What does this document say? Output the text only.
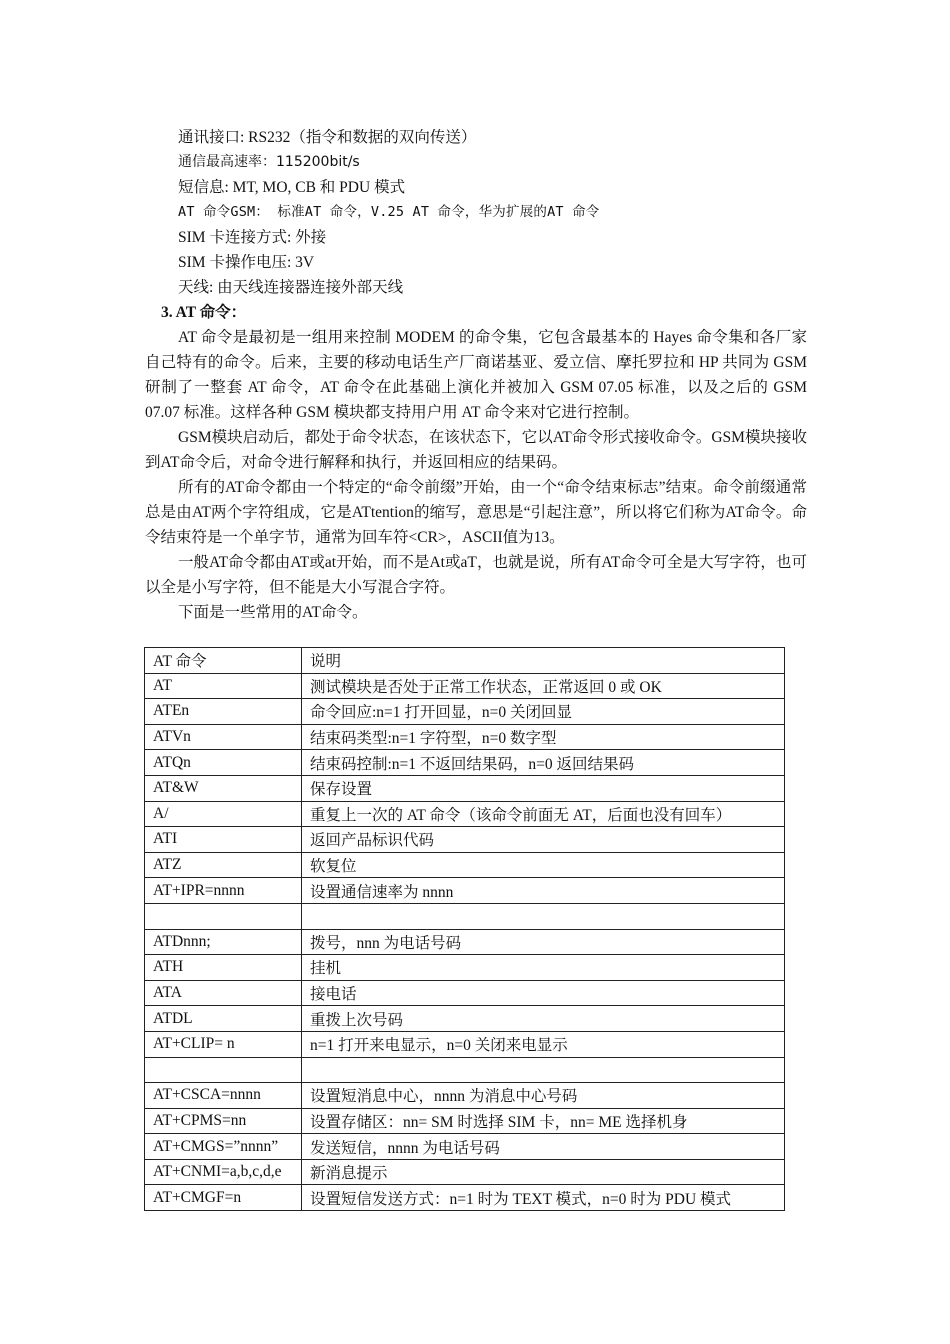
通讯接口: RS232（指令和数据的双向传送）
通信最高速率：115200bit/s
短信息: MT, MO, CB 和 PDU 模式
AT 命令GSM： 标准AT 命令，V.25 AT 命令，华为扩展的AT 命令
SIM 卡连接方式: 外接
SIM 卡操作电压: 3V
天线: 由天线连接器连接外部天线
3. AT 命令：

AT 命令是最初是一组用来控制 MODEM 的命令集，它包含最基本的 Hayes 命令集和各厂家自己特有的命令。后来，主要的移动电话生产厂商诺基亚、爱立信、摩托罗拉和 HP 共同为 GSM 研制了一整套 AT 命令，AT 命令在此基础上演化并被加入 GSM 07.05 标准，以及之后的 GSM 07.07 标准。这样各种 GSM 模块都支持用户用 AT 命令来对它进行控制。

GSM模块启动后，都处于命令状态，在该状态下，它以AT命令形式接收命令。GSM模块接收到AT命令后，对命令进行解释和执行，并返回相应的结果码。

所有的AT命令都由一个特定的“命令前缀”开始，由一个“命令结束标志”结束。命令前缀通常总是由AT两个字符组成，它是ATtention的缩写，意思是“引起注意”，所以将它们称为AT命令。命令结束符是一个单字节，通常为回车符<CR>，ASCII值为13。

一般AT命令都由AT或at开始，而不是At或aT，也就是说，所有AT命令可全是大写字符，也可以全是小写字符，但不能是大小写混合字符。

下面是一些常用的AT命令。

AT 命令	说明
AT	测试模块是否处于正常工作状态，正常返回 0 或 OK
ATEn	命令回应:n=1 打开回显，n=0 关闭回显
ATVn	结束码类型:n=1 字符型，n=0 数字型
ATQn	结束码控制:n=1 不返回结果码，n=0 返回结果码
AT&W	保存设置
A/	重复上一次的 AT 命令（该命令前面无 AT，后面也没有回车）
ATI	返回产品标识代码
ATZ	软复位
AT+IPR=nnnn	设置通信速率为 nnnn

ATDnnn;	拨号，nnn 为电话号码
ATH	挂机
ATA	接电话
ATDL	重拨上次号码
AT+CLIP= n	n=1 打开来电显示，n=0 关闭来电显示

AT+CSCA=nnnn	设置短消息中心，nnnn 为消息中心号码
AT+CPMS=nn	设置存储区：nn= SM 时选择 SIM 卡，nn= ME 选择机身
AT+CMGS=”nnnn”	发送短信，nnnn 为电话号码
AT+CNMI=a,b,c,d,e	新消息提示
AT+CMGF=n	设置短信发送方式：n=1 时为 TEXT 模式，n=0 时为 PDU 模式
